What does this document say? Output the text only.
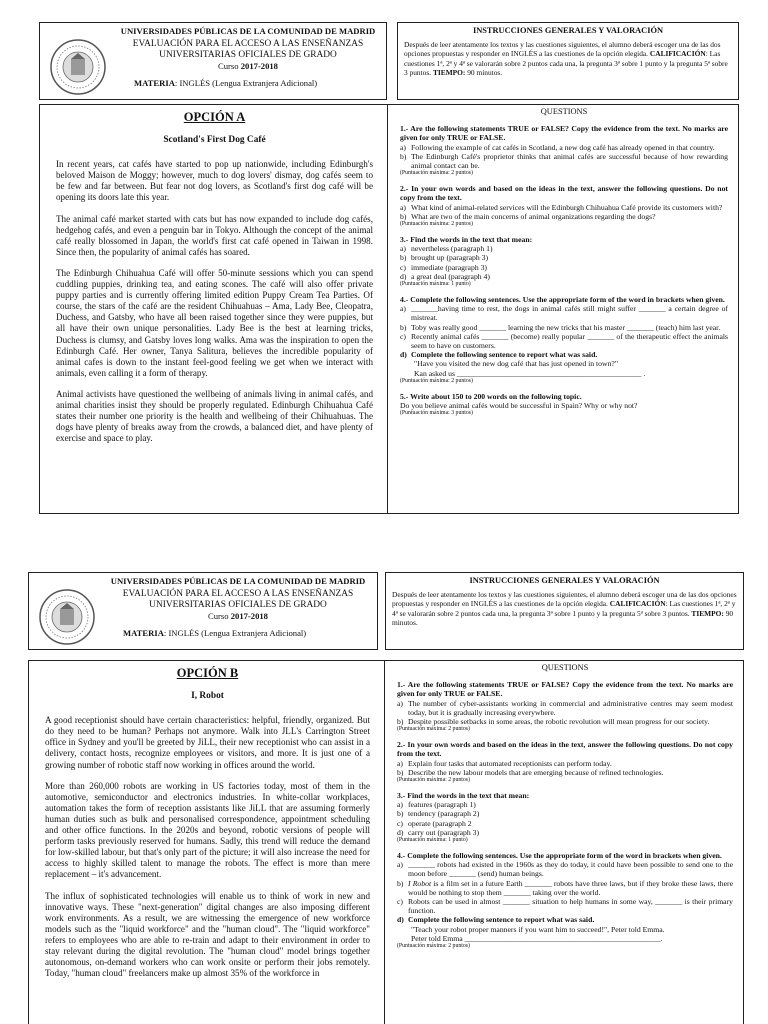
UNIVERSIDADES PÚBLICAS DE LA COMUNIDAD DE MADRID
EVALUACIÓN PARA EL ACCESO A LAS ENSEÑANZAS
UNIVERSITARIAS OFICIALES DE GRADO
Curso 2017-2018
MATERIA: INGLÉS (Lengua Extranjera Adicional)
INSTRUCCIONES GENERALES Y VALORACIÓN
Después de leer atentamente los textos y las cuestiones siguientes, el alumno deberá escoger una de las dos opciones propuestas y responder en INGLÉS a las cuestiones de la opción elegida. CALIFICACIÓN: Las cuestiones 1ª, 2ª y 4ª se valorarán sobre 2 puntos cada una, la pregunta 3ª sobre 1 punto y la pregunta 5ª sobre 3 puntos. TIEMPO: 90 minutos.
OPCIÓN A
Scotland's First Dog Café

In recent years, cat cafés have started to pop up nationwide, including Edinburgh's beloved Maison de Moggy; however, much to dog lovers' dismay, dog cafés seem to be few and far between. But fear not dog lovers, as Scotland's first dog café will be opening its doors late this year.

The animal café market started with cats but has now expanded to include dog cafés, hedgehog cafés, and even a penguin bar in Tokyo. Although the concept of the animal café really blossomed in Japan, the world's first cat café opened in Taiwan in 1998. Since then, the popularity of animal cafés has soared.

The Edinburgh Chihuahua Café will offer 50-minute sessions which you can spend cuddling puppies, drinking tea, and eating scones. The café will also offer private puppy parties and is currently offering limited edition Puppy Cream Tea Parties. Of course, the stars of the café are the resident Chihuahuas – Ama, Lady Bee, Cleopatra, Duchess, and Gatsby, who have all been raised together since they were puppies, but all have their own unique personalities. Lady Bee is the best at learning tricks, Duchess is clumsy, and Gatsby loves long walks. Ama was the inspiration to open the Edinburgh Café. Her owner, Tanya Salitura, believes the incredible popularity of animal cafes is down to the instant feel-good feeling we get when we interact with animals, even calling it a form of therapy.

Animal activists have questioned the wellbeing of animals living in animal cafés, and animal charities insist they should be properly regulated. Edinburgh Chihuahua Café states their number one priority is the health and wellbeing of their Chihuahuas. The dogs have plenty of breaks away from the crowds, a balanced diet, and have plenty of exercise and space to play.

QUESTIONS
1.- Are the following statements TRUE or FALSE? Copy the evidence from the text. No marks are given for only TRUE or FALSE.
a) Following the example of cat cafés in Scotland, a new dog café has already opened in that country.
b) The Edinburgh Café's proprietor thinks that animal cafés are successful because of how rewarding animal contact can be.
(Puntuación máxima: 2 puntos)
2.- In your own words and based on the ideas in the text, answer the following questions. Do not copy from the text.
a) What kind of animal-related services will the Edinburgh Chihuahua Café provide its customers with?
b) What are two of the main concerns of animal organizations regarding the dogs?
(Puntuación máxima: 2 puntos)
3.- Find the words in the text that mean:
a) nevertheless (paragraph 1)
b) brought up (paragraph 3)
c) immediate (paragraph 3)
d) a great deal (paragraph 4)
(Puntuación máxima: 1 punto)
4.- Complete the following sentences. Use the appropriate form of the word in brackets when given.
a) _______having time to rest, the dogs in animal cafés still might suffer _______ a certain degree of mistreat.
b) Toby was really good _______ learning the new tricks that his master _______ (teach) him last year.
c) Recently animal cafés _______ (become) really popular _______ of the therapeutic effect the animals seem to have on customers.
d) Complete the following sentence to report what was said.
"Have you visited the new dog café that has just opened in town?"
Kan asked us ________________________________________________ .
(Puntuación máxima: 2 puntos)
5.- Write about 150 to 200 words on the following topic.
Do you believe animal cafés would be successful in Spain? Why or why not?
(Puntuación máxima: 3 puntos)
UNIVERSIDADES PÚBLICAS DE LA COMUNIDAD DE MADRID
EVALUACIÓN PARA EL ACCESO A LAS ENSEÑANZAS
UNIVERSITARIAS OFICIALES DE GRADO
Curso 2017-2018
MATERIA: INGLÉS (Lengua Extranjera Adicional)
INSTRUCCIONES GENERALES Y VALORACIÓN
Después de leer atentamente los textos y las cuestiones siguientes, el alumno deberá escoger una de las dos opciones propuestas y responder en INGLÉS a las cuestiones de la opción elegida. CALIFICACIÓN: Las cuestiones 1ª, 2ª y 4ª se valorarán sobre 2 puntos cada una, la pregunta 3ª sobre 1 punto y la pregunta 5ª sobre 3 puntos. TIEMPO: 90 minutos.
OPCIÓN B
I, Robot

A good receptionist should have certain characteristics: helpful, friendly, organized. But do they need to be human? Perhaps not anymore. Walk into JLL's Carrington Street office in Sydney and you'll be greeted by JiLL, their new receptionist who can assist in a delivery, contact hosts, recognize employees or visitors, and more. It is just one of a growing number of robotic staff now working in offices around the world.

More than 260,000 robots are working in US factories today, most of them in the automotive, semiconductor and electronics industries. In white-collar workplaces, automation takes the form of reception assistants like JiLL that are assuming formerly human duties such as bulk and personalised correspondence, appointment scheduling and other office functions. In the 2020s and beyond, robotic versions of people will perform tasks previously reserved for humans. Sadly, this trend will reduce the demand for low-skilled labour, but that's only part of the picture; it will also increase the need for access to highly skilled talent to manage the robots. The effect is more than mere replacement – it's advancement.

The influx of sophisticated technologies will enable us to think of work in new and innovative ways. These "next-generation" digital changes are also imposing different work environments. As a result, we are witnessing the emergence of new workforce models such as the "liquid workforce" and the "human cloud". The "liquid workforce" refers to employees who are able to re-train and adapt to their environment in order to stay relevant during the digital revolution. The "human cloud" model brings together autonomous, on-demand workers who can work onsite or perform their jobs remotely. Today, "human cloud" freelancers make up almost 35% of the workforce in

QUESTIONS
1.- Are the following statements TRUE or FALSE? Copy the evidence from the text. No marks are given for only TRUE or FALSE.
a) The number of cyber-assistants working in commercial and administrative centres may seem modest today, but it is gradually increasing everywhere.
b) Despite possible setbacks in some areas, the robotic revolution will mean progress for our society.
(Puntuación máxima: 2 puntos)
2.- In your own words and based on the ideas in the text, answer the following questions. Do not copy from the text.
a) Explain four tasks that automated receptionists can perform today.
b) Describe the new labour models that are emerging because of refined technologies.
(Puntuación máxima: 2 puntos)
3.- Find the words in the text that mean:
a) features (paragraph 1)
b) tendency (paragraph 2)
c) operate (paragraph 2
d) carry out (paragraph 3)
(Puntuación máxima: 1 punto)
4.- Complete the following sentences. Use the appropriate form of the word in brackets when given.
a) _______ robots had existed in the 1960s as they do today, it could have been possible to send one to the moon before _______ (send) human beings.
b) I Robot is a film set in a future Earth _______ robots have three laws, but if they broke these laws, there would be nothing to stop them _______ taking over the world.
c) Robots can be used in almost _______ situation to help humans in some way, _______ is their primary function.
d) Complete the following sentence to report what was said.
"Teach your robot proper manners if you want him to succeed!", Peter told Emma.
Peter told Emma ___________________________________________________.
(Puntuación máxima: 2 puntos)
